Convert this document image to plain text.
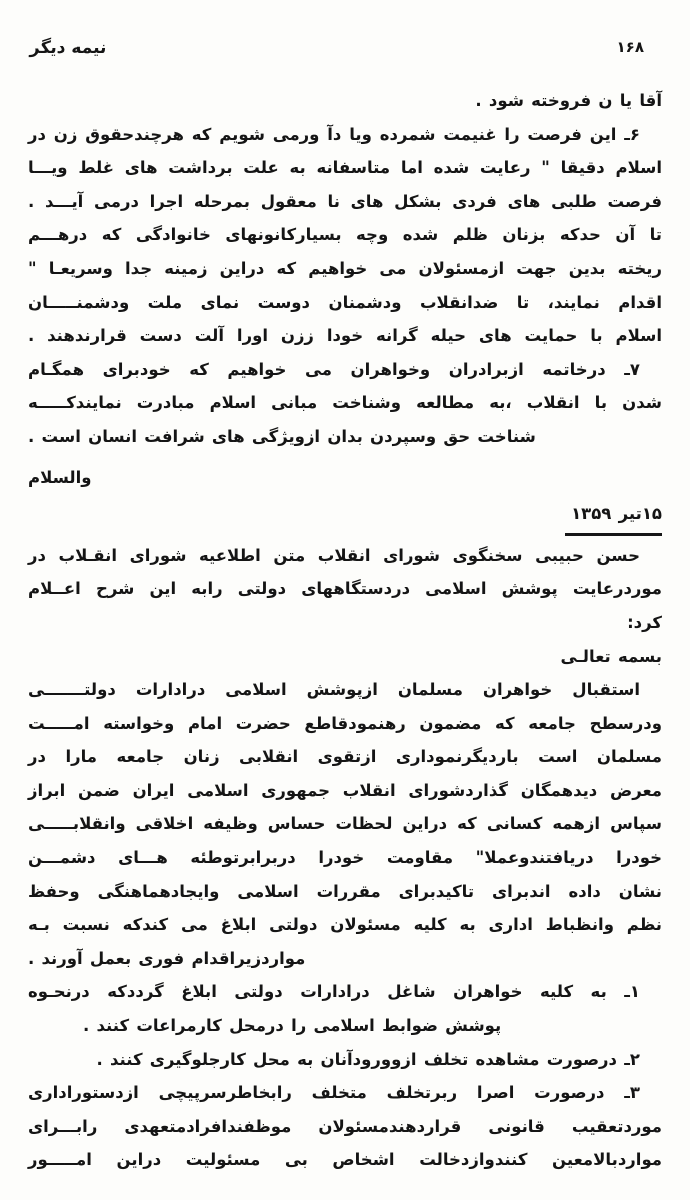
نیمه دیگر	۱۶۸
آقا یا ن فروخته شود .
۶ـ این فرصت را غنیمت شمرده ویا دآ ورمی شویم که هرچندحقوق زن در
اسلام دقیقا " رعایت شده اما متاسفانه به علت برداشت های غلط ویـــا
فرصت طلبی های فردی بشکل های نا معقول بمرحله اجرا درمی آیـــد .
تا آن حدکه بزنان ظلم شده وچه بسیارکانونهای خانوادگی که درهـــم
ریخته بدین جهت ازمسئولان می خواهیم که دراین زمینه جدا وسریعـا "
اقدام نمایند، تا ضدانقلاب ودشمنان دوست نمای ملت ودشمنـــــان
اسلام با حمایت های حیله گرانه خودا ززن اورا آلت دست قرارندهند .
۷ـ درخاتمه ازبرادران وخواهران می خواهیم که خودبرای همگـام
شدن با انقلاب ،به مطالعه وشناخت مبانی اسلام مبادرت نمایندکـــــه
شناخت حق وسپردن بدان ازویژگی های شرافت انسان است .
والسلام
۱۵تیر ۱۳۵۹
حسن حبیبی سخنگوی شورای انقلاب متن اطلاعیه شورای انقـلاب در
موردرعایت پوشش اسلامی دردستگاههای دولتی رابه این شرح اعــلام
کرد:
بسمه تعالـی
استقبال خواهران مسلمان ازپوشش اسلامی درادارات دولتـــــــی
ودرسطح جامعه که مضمون رهنمودقاطع حضرت امام وخواسته امـــــت
مسلمان است باردیگرنموداری ازتقوی انقلابی زنان جامعه مارا در
معرض دیدهمگان گذاردشورای انقلاب جمهوری اسلامی ایران ضمن ابراز
سپاس ازهمه کسانی که دراین لحظات حساس وظیفه اخلاقی وانقلابـــــی
خودرا دریافتندوعملا" مقاومت خودرا دربرابرتوطئه هـــای دشمـــن
نشان داده اندبرای تاکیدبرای مقررات اسلامی وایجادهماهنگی وحفظ
نظم وانظباط اداری به کلیه مسئولان دولتی ابلاغ می کندکه نسبت بـه
مواردزیراقدام فوری بعمل آورند .
۱ـ به کلیه خواهران شاغل درادارات دولتی ابلاغ گرددکه درنحـوه
پوشش ضوابط اسلامی را درمحل کارمراعات کنند .
۲ـ درصورت مشاهده تخلف ازوورودآنان به محل کارجلوگیری کنند .
۳ـ درصورت اصرا ربرتخلف متخلف رابخاطرسرپیچی ازدستوراداری
موردتعقیب قانونی قراردهندمسئولان موظفندافرادمتعهدی رابـــرای
مواردبالامعین کنندوازدخالت اشخاص بی مسئولیت دراین امـــــور
